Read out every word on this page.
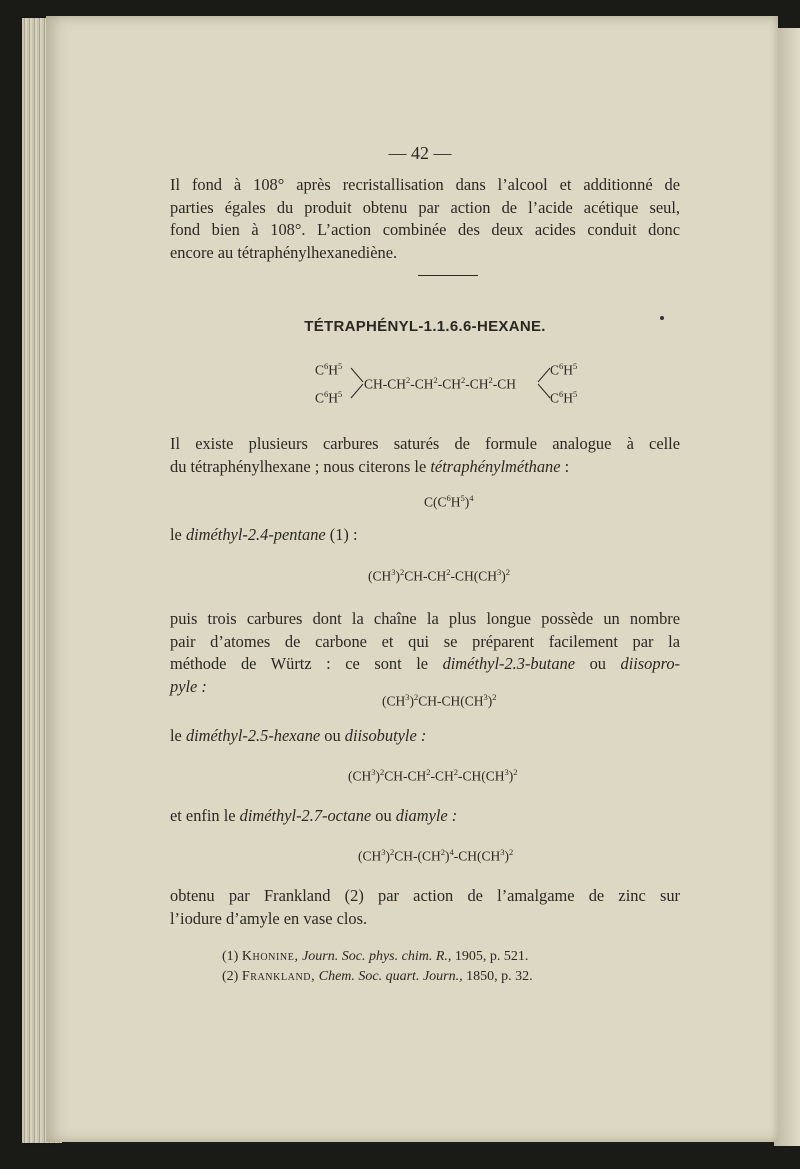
— 42 —

Il fond à 108° après recristallisation dans l’alcool et additionné de
parties égales du produit obtenu par action de l’acide acétique seul,
fond bien à 108°. L’action combinée des deux acides conduit donc
encore au tétraphénylhexanediène.

TÉTRAPHÉNYL-1.1.6.6-HEXANE.
$C^6H^5$
$C^6H^5$
$CH-CH^2-CH^2-CH^2-CH^2-CH$
$C^6H^5$
$C^6H^5$

Il existe plusieurs carbures saturés de formule analogue à celle
du tétraphénylhexane ; nous citerons le tétraphénylméthane :

$C(C^6H^5)^4$

le diméthyl-2.4-pentane (1) :

$(CH^3)^2CH-CH^2-CH(CH^3)^2$

puis trois carbures dont la chaîne la plus longue possède un nombre
pair d’atomes de carbone et qui se préparent facilement par la
méthode de Würtz : ce sont le diméthyl-2.3-butane ou diisopro-
pyle :

$(CH^3)^2CH-CH(CH^3)^2$

le diméthyl-2.5-hexane ou diisobutyle :

$(CH^3)^2CH-CH^2-CH^2-CH(CH^3)^2$

et enfin le diméthyl-2.7-octane ou diamyle :

$(CH^3)^2CH-(CH^2)^4-CH(CH^3)^2$

obtenu par Frankland (2) par action de l’amalgame de zinc sur
l’iodure d’amyle en vase clos.

(1) Khonine, Journ. Soc. phys. chim. R., 1905, p. 521.
(2) Frankland, Chem. Soc. quart. Journ., 1850, p. 32.
